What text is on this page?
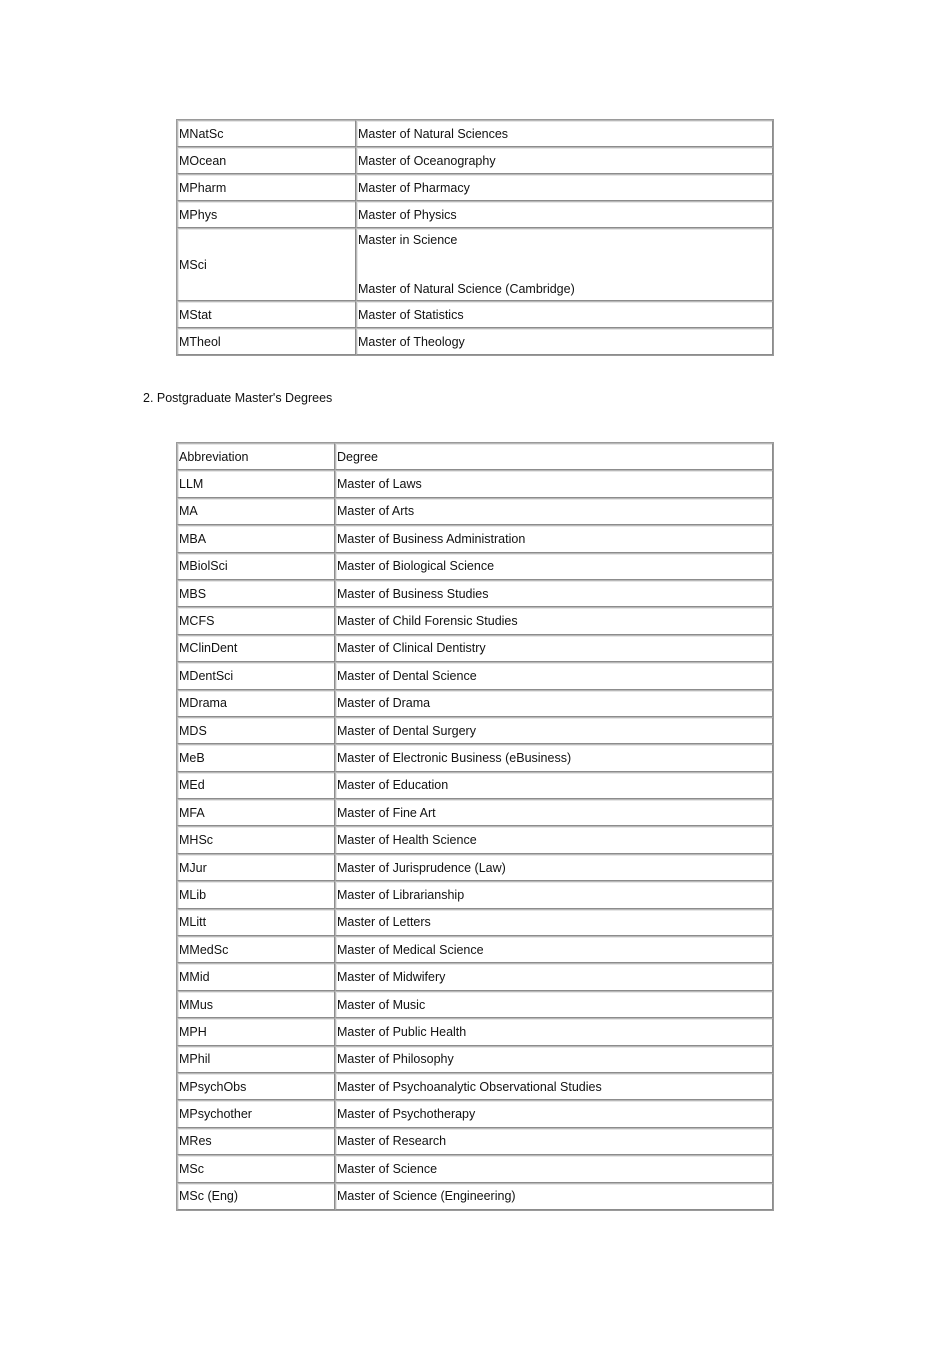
MNatSc	Master of Natural Sciences
MOcean	Master of Oceanography
MPharm	Master of Pharmacy
MPhys	Master of Physics
MSci	Master in Science
Master of Natural Science (Cambridge)

MStat	Master of Statistics
MTheol	Master of Theology

2. Postgraduate Master's Degrees

Abbreviation	Degree
LLM	Master of Laws
MA	Master of Arts
MBA	Master of Business Administration
MBiolSci	Master of Biological Science
MBS	Master of Business Studies
MCFS	Master of Child Forensic Studies
MClinDent	Master of Clinical Dentistry
MDentSci	Master of Dental Science
MDrama	Master of Drama
MDS	Master of Dental Surgery
MeB	Master of Electronic Business (eBusiness)
MEd	Master of Education
MFA	Master of Fine Art
MHSc	Master of Health Science
MJur	Master of Jurisprudence (Law)
MLib	Master of Librarianship
MLitt	Master of Letters
MMedSc	Master of Medical Science
MMid	Master of Midwifery
MMus	Master of Music
MPH	Master of Public Health
MPhil	Master of Philosophy
MPsychObs	Master of Psychoanalytic Observational Studies
MPsychother	Master of Psychotherapy
MRes	Master of Research
MSc	Master of Science
MSc (Eng)	Master of Science (Engineering)
